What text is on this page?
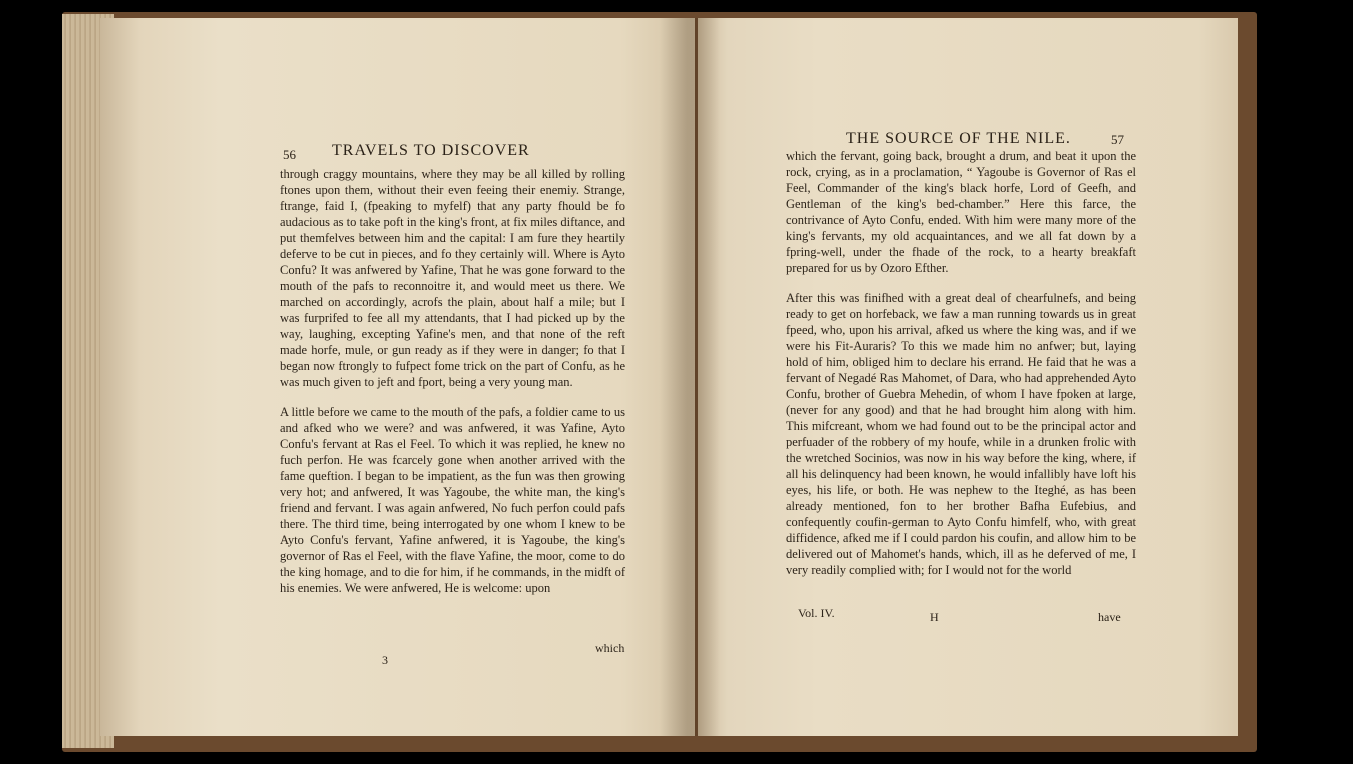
56 TRAVELS TO DISCOVER

through craggy mountains, where they may be all killed by rolling ftones upon them, without their even feeing their enemiy. Strange, ftrange, faid I, (fpeaking to myfelf) that any party fhould be fo audacious as to take poft in the king's front, at fix miles diftance, and put themfelves between him and the capital: I am fure they heartily deferve to be cut in pieces, and fo they certainly will. Where is Ayto Confu? It was anfwered by Yafine, That he was gone forward to the mouth of the pafs to reconnoitre it, and would meet us there. We marched on accordingly, acrofs the plain, about half a mile; but I was furprifed to fee all my attendants, that I had picked up by the way, laughing, excepting Yafine's men, and that none of the reft made horfe, mule, or gun ready as if they were in danger; fo that I began now ftrongly to fufpect fome trick on the part of Confu, as he was much given to jeft and fport, being a very young man.

A little before we came to the mouth of the pafs, a foldier came to us and afked who we were? and was anfwered, it was Yafine, Ayto Confu's fervant at Ras el Feel. To which it was replied, he knew no fuch perfon. He was fcarcely gone when another arrived with the fame queftion. I began to be impatient, as the fun was then growing very hot; and anfwered, It was Yagoube, the white man, the king's friend and fervant. I was again anfwered, No fuch perfon could pafs there. The third time, being interrogated by one whom I knew to be Ayto Confu's fervant, Yafine anfwered, it is Yagoube, the king's governor of Ras el Feel, with the flave Yafine, the moor, come to do the king homage, and to die for him, if he commands, in the midft of his enemies. We were anfwered, He is welcome: upon

3
which
THE SOURCE OF THE NILE.	57

which the fervant, going back, brought a drum, and beat it upon the rock, crying, as in a proclamation, “ Yagoube is Governor of Ras el Feel, Commander of the king's black horfe, Lord of Geefh, and Gentleman of the king's bed-chamber.” Here this farce, the contrivance of Ayto Confu, ended. With him were many more of the king's fervants, my old acquaintances, and we all fat down by a fpring-well, under the fhade of the rock, to a hearty breakfaft prepared for us by Ozoro Efther.

After this was finifhed with a great deal of chearfulnefs, and being ready to get on horfeback, we faw a man running towards us in great fpeed, who, upon his arrival, afked us where the king was, and if we were his Fit-Auraris? To this we made him no anfwer; but, laying hold of him, obliged him to declare his errand. He faid that he was a fervant of Negadé Ras Mahomet, of Dara, who had apprehended Ayto Confu, brother of Guebra Mehedin, of whom I have fpoken at large, (never for any good) and that he had brought him along with him. This mifcreant, whom we had found out to be the principal actor and perfuader of the robbery of my houfe, while in a drunken frolic with the wretched Socinios, was now in his way before the king, where, if all his delinquency had been known, he would infallibly have loft his eyes, his life, or both. He was nephew to the Iteghé, as has been already mentioned, fon to her brother Bafha Eufebius, and confequently coufin-german to Ayto Confu himfelf, who, with great diffidence, afked me if I could pardon his coufin, and allow him to be delivered out of Mahomet's hands, which, ill as he deferved of me, I very readily complied with; for I would not for the world

Vol. IV.	H	have
